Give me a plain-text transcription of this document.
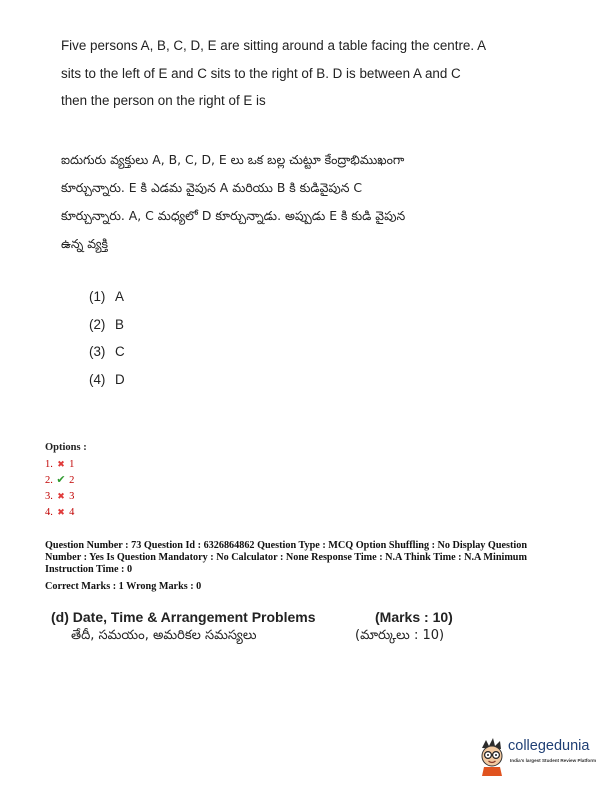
Five persons A, B, C, D, E are sitting around a table facing the centre. A
sits to the left of E and C sits to the right of B. D is between A and C
then the person on the right of E is
ఐదుగురు వ్యక్తులు A, B, C, D, E లు ఒక బల్ల చుట్టూ కేంద్రాభిముఖంగా
కూర్చున్నారు. E కి ఎడమ వైపున A మరియు B కి కుడివైపున C
కూర్చున్నారు. A, C మధ్యలో D కూర్చున్నాడు. అప్పుడు E కి కుడి వైపున
ఉన్న వ్యక్తి
(1) A
(2) B
(3) C
(4) D
Options :
1. ✖ 1
2. ✔ 2
3. ✖ 3
4. ✖ 4
Question Number : 73 Question Id : 6326864862 Question Type : MCQ Option Shuffling : No Display Question
Number : Yes Is Question Mandatory : No Calculator : None Response Time : N.A Think Time : N.A Minimum
Instruction Time : 0
Correct Marks : 1 Wrong Marks : 0
(d) Date, Time & Arrangement Problems	(Marks : 10)
తేదీ, సమయం, అమరికల సమస్యలు	(మార్కులు : 10)
collegedunia
India's largest Student Review Platform
